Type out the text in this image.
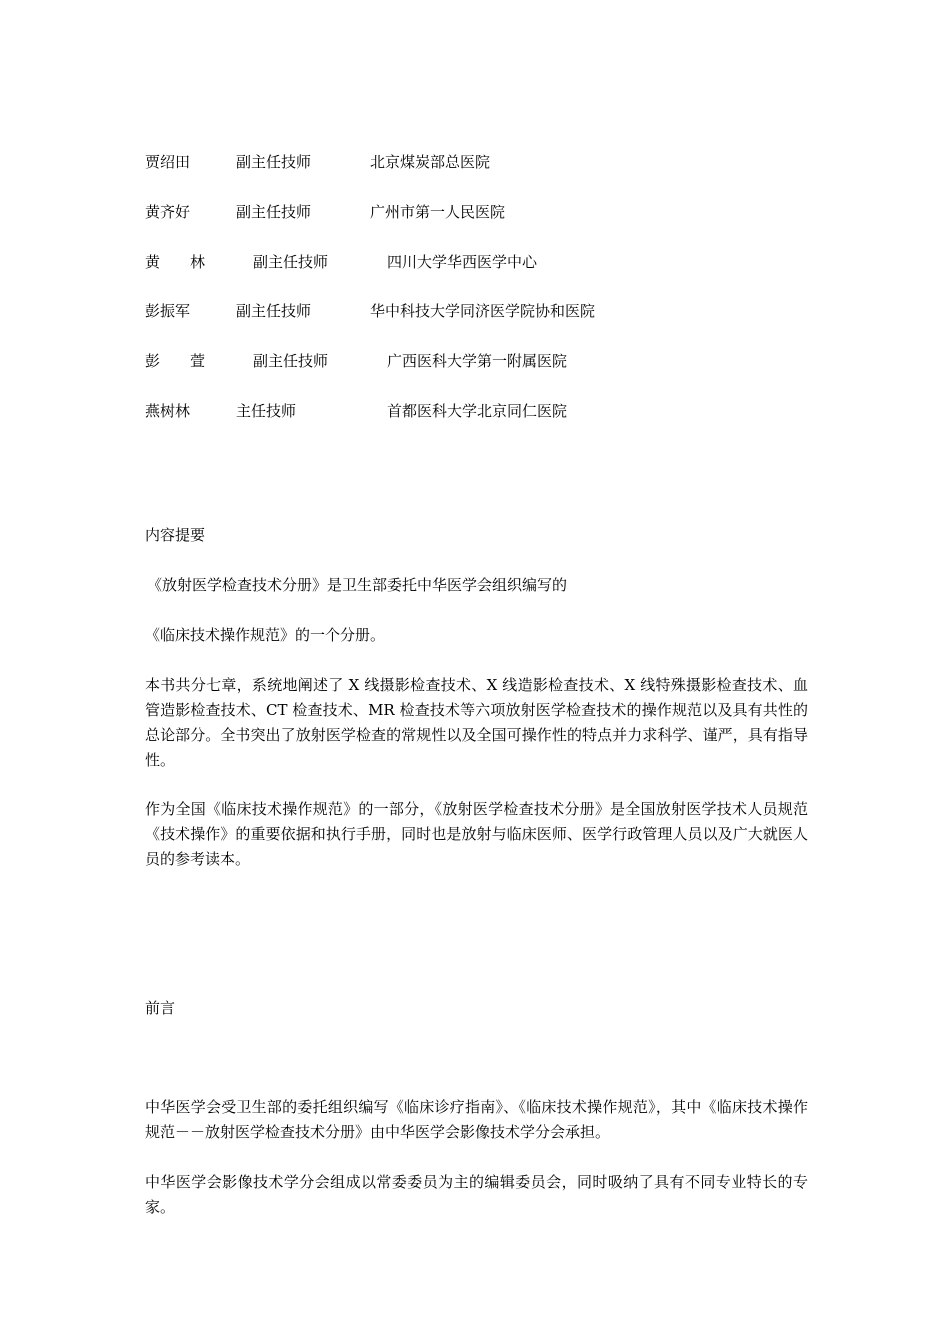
贾绍田	副主任技师	北京煤炭部总医院
黄齐好	副主任技师	广州市第一人民医院
黄　　林	副主任技师	四川大学华西医学中心
彭振军	副主任技师	华中科技大学同济医学院协和医院
彭　　萱	副主任技师	广西医科大学第一附属医院
燕树林	主任技师	首都医科大学北京同仁医院
内容提要
《放射医学检查技术分册》是卫生部委托中华医学会组织编写的
《临床技术操作规范》的一个分册。
本书共分七章，系统地阐述了 X 线摄影检查技术、X 线造影检查技术、X 线特殊摄影检查技术、血管造影检查技术、CT 检查技术、MR 检查技术等六项放射医学检查技术的操作规范以及具有共性的总论部分。全书突出了放射医学检查的常规性以及全国可操作性的特点并力求科学、谨严，具有指导性。
作为全国《临床技术操作规范》的一部分，《放射医学检查技术分册》是全国放射医学技术人员规范《技术操作》的重要依据和执行手册，同时也是放射与临床医师、医学行政管理人员以及广大就医人员的参考读本。
前言
中华医学会受卫生部的委托组织编写《临床诊疗指南》、《临床技术操作规范》，其中《临床技术操作规范－－放射医学检查技术分册》由中华医学会影像技术学分会承担。
中华医学会影像技术学分会组成以常委委员为主的编辑委员会，同时吸纳了具有不同专业特长的专家。
